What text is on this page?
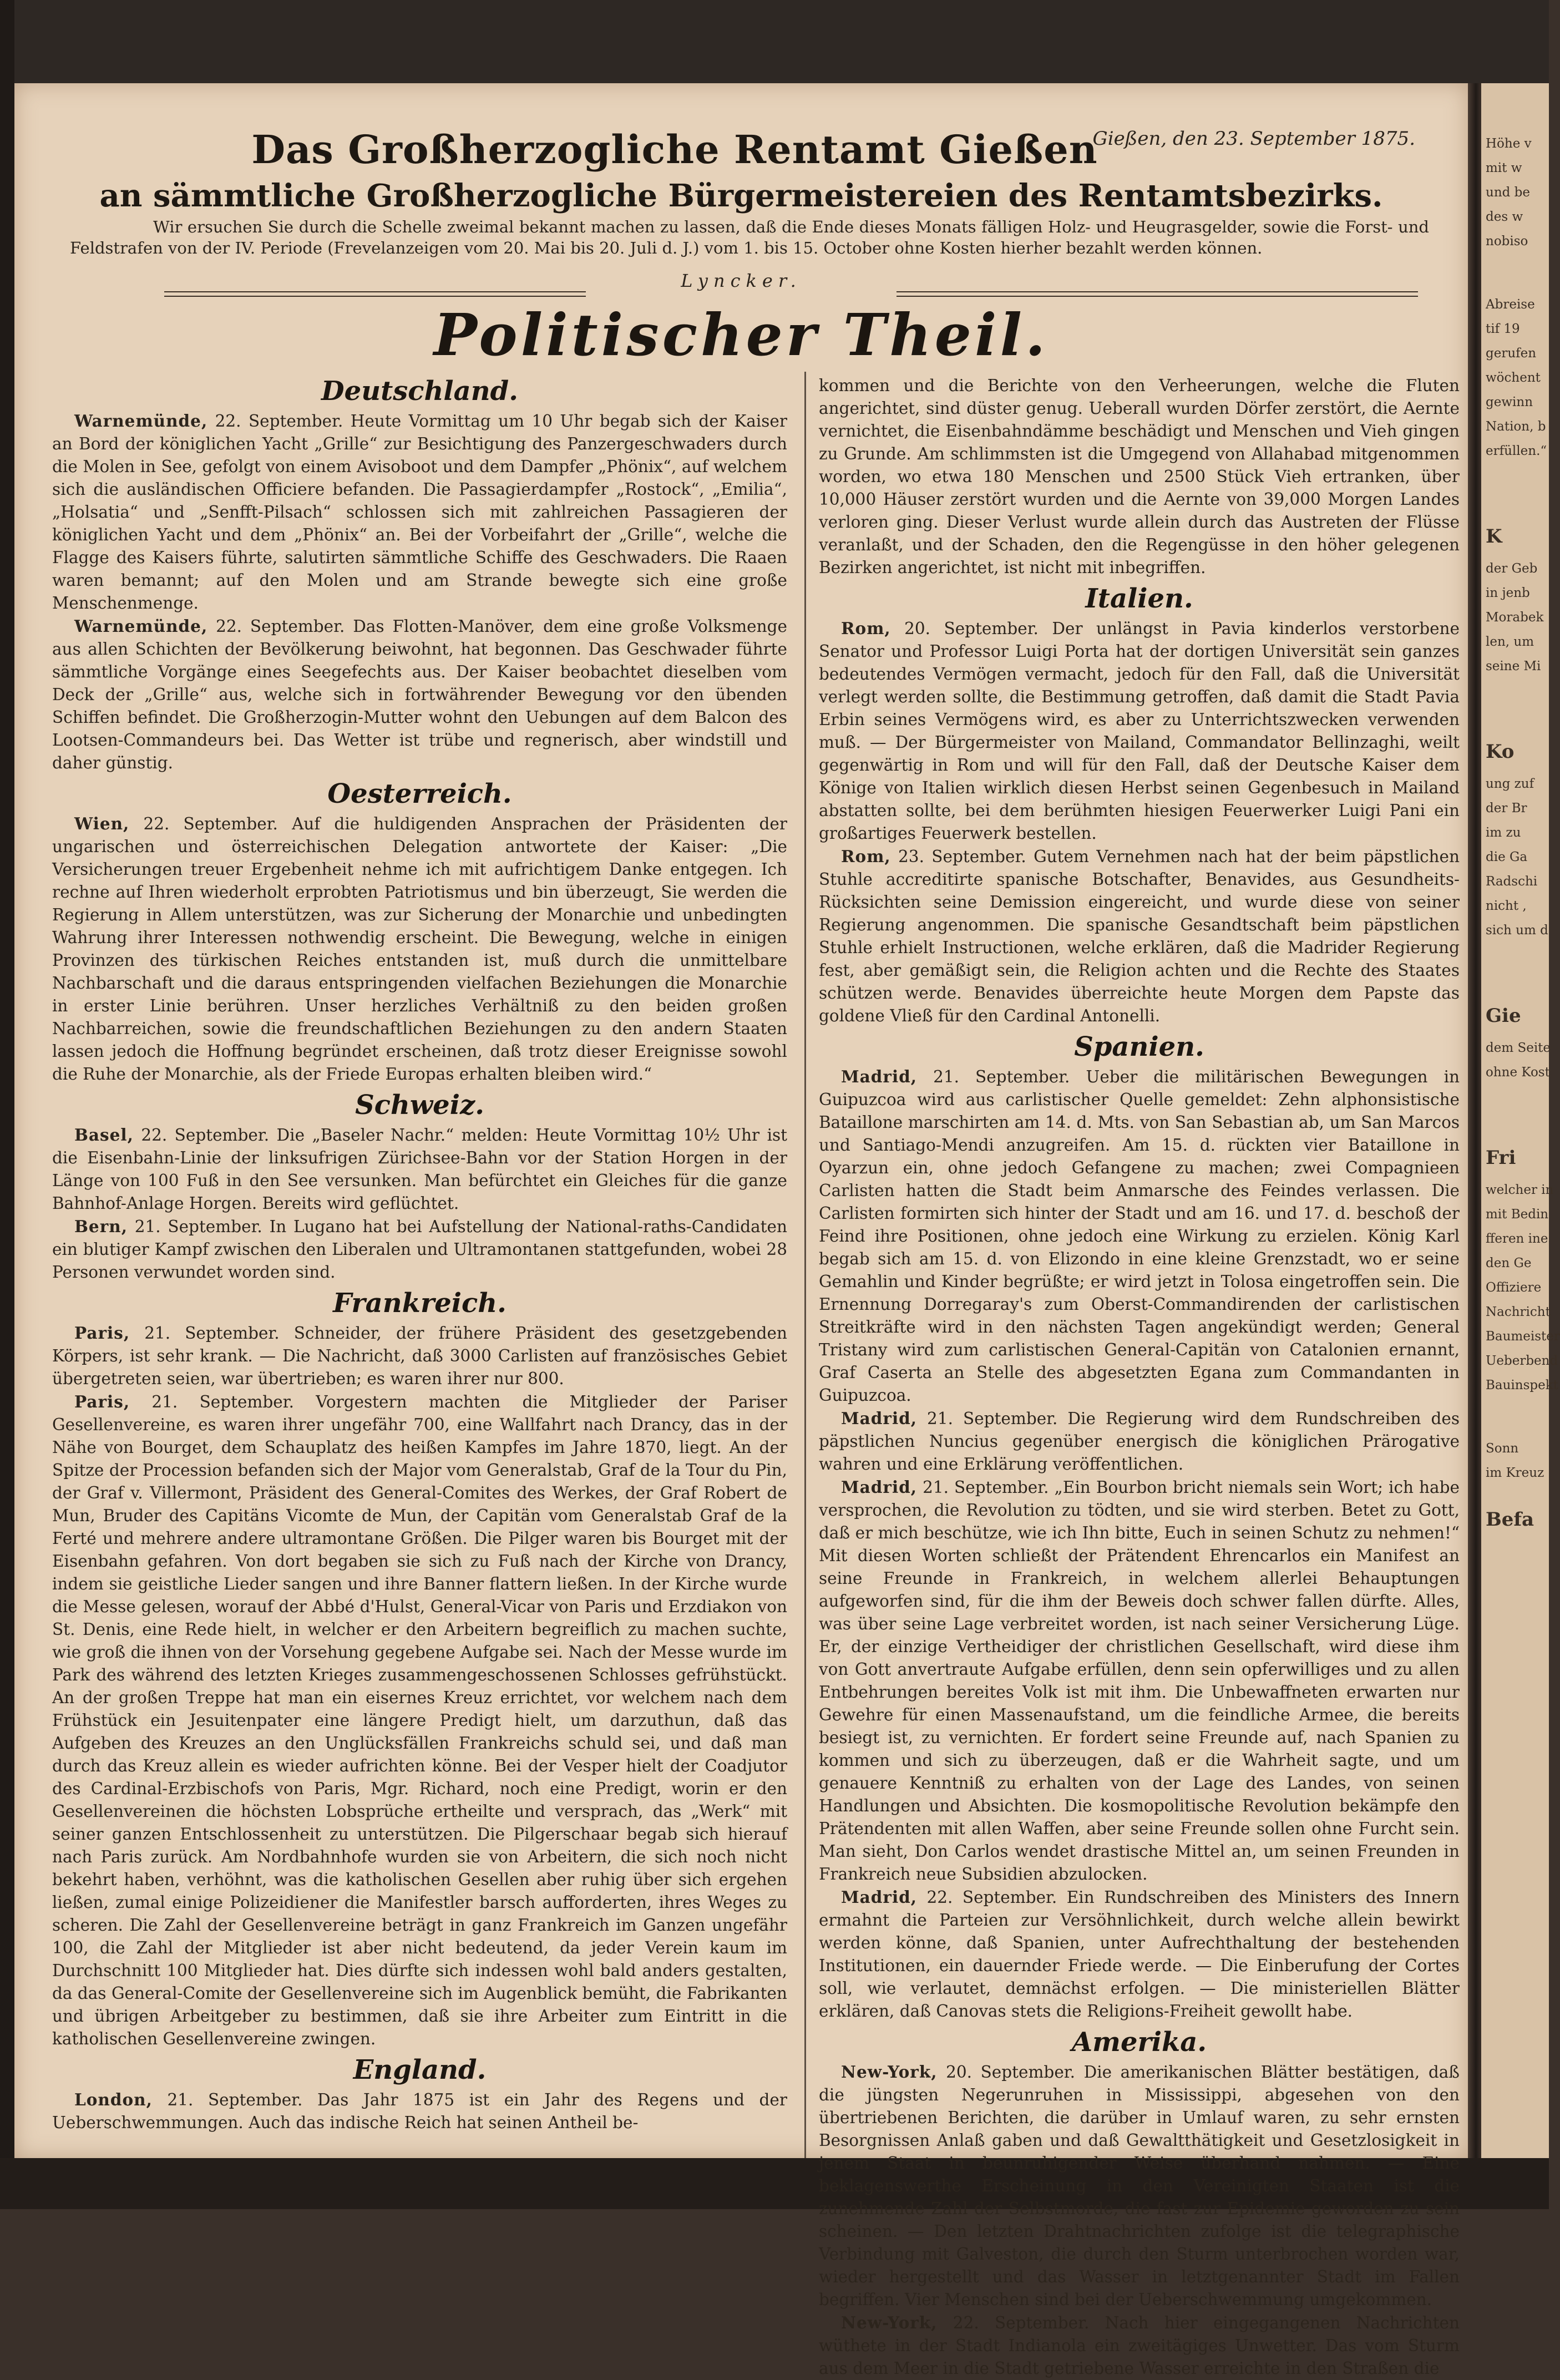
Gießen, den 23. September 1875.
Das Großherzogliche Rentamt Gießen
an sämmtliche Großherzogliche Bürgermeistereien des Rentamtsbezirks.
Wir ersuchen Sie durch die Schelle zweimal bekannt machen zu lassen, daß die Ende dieses Monats fälligen Holz- und Heugrasgelder, sowie die Forst- und Feldstrafen von der IV. Periode (Frevelanzeigen vom 20. Mai bis 20. Juli d. J.) vom 1. bis 15. October ohne Kosten hierher bezahlt werden können.
Lyncker.
Politischer Theil.
Deutschland.

Warnemünde, 22. September. Heute Vormittag um 10 Uhr begab sich der Kaiser an Bord der königlichen Yacht „Grille“ zur Besichtigung des Panzergeschwaders durch die Molen in See, gefolgt von einem Avisoboot und dem Dampfer „Phönix“, auf welchem sich die ausländischen Officiere befanden. Die Passagierdampfer „Rostock“, „Emilia“, „Holsatia“ und „Senfft-Pilsach“ schlossen sich mit zahlreichen Passagieren der königlichen Yacht und dem „Phönix“ an. Bei der Vorbeifahrt der „Grille“, welche die Flagge des Kaisers führte, salutirten sämmtliche Schiffe des Geschwaders. Die Raaen waren bemannt; auf den Molen und am Strande bewegte sich eine große Menschenmenge.

Warnemünde, 22. September. Das Flotten-Manöver, dem eine große Volksmenge aus allen Schichten der Bevölkerung beiwohnt, hat begonnen. Das Geschwader führte sämmtliche Vorgänge eines Seegefechts aus. Der Kaiser beobachtet dieselben vom Deck der „Grille“ aus, welche sich in fortwährender Bewegung vor den übenden Schiffen befindet. Die Großherzogin-Mutter wohnt den Uebungen auf dem Balcon des Lootsen-Commandeurs bei. Das Wetter ist trübe und regnerisch, aber windstill und daher günstig.

Oesterreich.

Wien, 22. September. Auf die huldigenden Ansprachen der Präsidenten der ungarischen und österreichischen Delegation antwortete der Kaiser: „Die Versicherungen treuer Ergebenheit nehme ich mit aufrichtigem Danke entgegen. Ich rechne auf Ihren wiederholt erprobten Patriotismus und bin überzeugt, Sie werden die Regierung in Allem unterstützen, was zur Sicherung der Monarchie und unbedingten Wahrung ihrer Interessen nothwendig erscheint. Die Bewegung, welche in einigen Provinzen des türkischen Reiches entstanden ist, muß durch die unmittelbare Nachbarschaft und die daraus entspringenden vielfachen Beziehungen die Monarchie in erster Linie berühren. Unser herzliches Verhältniß zu den beiden großen Nachbarreichen, sowie die freundschaftlichen Beziehungen zu den andern Staaten lassen jedoch die Hoffnung begründet erscheinen, daß trotz dieser Ereignisse sowohl die Ruhe der Monarchie, als der Friede Europas erhalten bleiben wird.“

Schweiz.

Basel, 22. September. Die „Baseler Nachr.“ melden: Heute Vormittag 10½ Uhr ist die Eisenbahn-Linie der linksufrigen Zürichsee-Bahn vor der Station Horgen in der Länge von 100 Fuß in den See versunken. Man befürchtet ein Gleiches für die ganze Bahnhof-Anlage Horgen. Bereits wird geflüchtet.

Bern, 21. September. In Lugano hat bei Aufstellung der National-raths-Candidaten ein blutiger Kampf zwischen den Liberalen und Ultramontanen stattgefunden, wobei 28 Personen verwundet worden sind.

Frankreich.

Paris, 21. September. Schneider, der frühere Präsident des gesetzgebenden Körpers, ist sehr krank. — Die Nachricht, daß 3000 Carlisten auf französisches Gebiet übergetreten seien, war übertrieben; es waren ihrer nur 800.

Paris, 21. September. Vorgestern machten die Mitglieder der Pariser Gesellenvereine, es waren ihrer ungefähr 700, eine Wallfahrt nach Drancy, das in der Nähe von Bourget, dem Schauplatz des heißen Kampfes im Jahre 1870, liegt. An der Spitze der Procession befanden sich der Major vom Generalstab, Graf de la Tour du Pin, der Graf v. Villermont, Präsident des General-Comites des Werkes, der Graf Robert de Mun, Bruder des Capitäns Vicomte de Mun, der Capitän vom Generalstab Graf de la Ferté und mehrere andere ultramontane Größen. Die Pilger waren bis Bourget mit der Eisenbahn gefahren. Von dort begaben sie sich zu Fuß nach der Kirche von Drancy, indem sie geistliche Lieder sangen und ihre Banner flattern ließen. In der Kirche wurde die Messe gelesen, worauf der Abbé d'Hulst, General-Vicar von Paris und Erzdiakon von St. Denis, eine Rede hielt, in welcher er den Arbeitern begreiflich zu machen suchte, wie groß die ihnen von der Vorsehung gegebene Aufgabe sei. Nach der Messe wurde im Park des während des letzten Krieges zusammengeschossenen Schlosses gefrühstückt. An der großen Treppe hat man ein eisernes Kreuz errichtet, vor welchem nach dem Frühstück ein Jesuitenpater eine längere Predigt hielt, um darzuthun, daß das Aufgeben des Kreuzes an den Unglücksfällen Frankreichs schuld sei, und daß man durch das Kreuz allein es wieder aufrichten könne. Bei der Vesper hielt der Coadjutor des Cardinal-Erzbischofs von Paris, Mgr. Richard, noch eine Predigt, worin er den Gesellenvereinen die höchsten Lobsprüche ertheilte und versprach, das „Werk“ mit seiner ganzen Entschlossenheit zu unterstützen. Die Pilgerschaar begab sich hierauf nach Paris zurück. Am Nordbahnhofe wurden sie von Arbeitern, die sich noch nicht bekehrt haben, verhöhnt, was die katholischen Gesellen aber ruhig über sich ergehen ließen, zumal einige Polizeidiener die Manifestler barsch aufforderten, ihres Weges zu scheren. Die Zahl der Gesellenvereine beträgt in ganz Frankreich im Ganzen ungefähr 100, die Zahl der Mitglieder ist aber nicht bedeutend, da jeder Verein kaum im Durchschnitt 100 Mitglieder hat. Dies dürfte sich indessen wohl bald anders gestalten, da das General-Comite der Gesellenvereine sich im Augenblick bemüht, die Fabrikanten und übrigen Arbeitgeber zu bestimmen, daß sie ihre Arbeiter zum Eintritt in die katholischen Gesellenvereine zwingen.

England.

London, 21. September. Das Jahr 1875 ist ein Jahr des Regens und der Ueberschwemmungen. Auch das indische Reich hat seinen Antheil be-

kommen und die Berichte von den Verheerungen, welche die Fluten angerichtet, sind düster genug. Ueberall wurden Dörfer zerstört, die Aernte vernichtet, die Eisenbahndämme beschädigt und Menschen und Vieh gingen zu Grunde. Am schlimmsten ist die Umgegend von Allahabad mitgenommen worden, wo etwa 180 Menschen und 2500 Stück Vieh ertranken, über 10,000 Häuser zerstört wurden und die Aernte von 39,000 Morgen Landes verloren ging. Dieser Verlust wurde allein durch das Austreten der Flüsse veranlaßt, und der Schaden, den die Regengüsse in den höher gelegenen Bezirken angerichtet, ist nicht mit inbegriffen.

Italien.

Rom, 20. September. Der unlängst in Pavia kinderlos verstorbene Senator und Professor Luigi Porta hat der dortigen Universität sein ganzes bedeutendes Vermögen vermacht, jedoch für den Fall, daß die Universität verlegt werden sollte, die Bestimmung getroffen, daß damit die Stadt Pavia Erbin seines Vermögens wird, es aber zu Unterrichtszwecken verwenden muß. — Der Bürgermeister von Mailand, Commandator Bellinzaghi, weilt gegenwärtig in Rom und will für den Fall, daß der Deutsche Kaiser dem Könige von Italien wirklich diesen Herbst seinen Gegenbesuch in Mailand abstatten sollte, bei dem berühmten hiesigen Feuerwerker Luigi Pani ein großartiges Feuerwerk bestellen.

Rom, 23. September. Gutem Vernehmen nach hat der beim päpstlichen Stuhle accreditirte spanische Botschafter, Benavides, aus Gesundheits-Rücksichten seine Demission eingereicht, und wurde diese von seiner Regierung angenommen. Die spanische Gesandtschaft beim päpstlichen Stuhle erhielt Instructionen, welche erklären, daß die Madrider Regierung fest, aber gemäßigt sein, die Religion achten und die Rechte des Staates schützen werde. Benavides überreichte heute Morgen dem Papste das goldene Vließ für den Cardinal Antonelli.

Spanien.

Madrid, 21. September. Ueber die militärischen Bewegungen in Guipuzcoa wird aus carlistischer Quelle gemeldet: Zehn alphonsistische Bataillone marschirten am 14. d. Mts. von San Sebastian ab, um San Marcos und Santiago-Mendi anzugreifen. Am 15. d. rückten vier Bataillone in Oyarzun ein, ohne jedoch Gefangene zu machen; zwei Compagnieen Carlisten hatten die Stadt beim Anmarsche des Feindes verlassen. Die Carlisten formirten sich hinter der Stadt und am 16. und 17. d. beschoß der Feind ihre Positionen, ohne jedoch eine Wirkung zu erzielen. König Karl begab sich am 15. d. von Elizondo in eine kleine Grenzstadt, wo er seine Gemahlin und Kinder begrüßte; er wird jetzt in Tolosa eingetroffen sein. Die Ernennung Dorregaray's zum Oberst-Commandirenden der carlistischen Streitkräfte wird in den nächsten Tagen angekündigt werden; General Tristany wird zum carlistischen General-Capitän von Catalonien ernannt, Graf Caserta an Stelle des abgesetzten Egana zum Commandanten in Guipuzcoa.

Madrid, 21. September. Die Regierung wird dem Rundschreiben des päpstlichen Nuncius gegenüber energisch die königlichen Prärogative wahren und eine Erklärung veröffentlichen.

Madrid, 21. September. „Ein Bourbon bricht niemals sein Wort; ich habe versprochen, die Revolution zu tödten, und sie wird sterben. Betet zu Gott, daß er mich beschütze, wie ich Ihn bitte, Euch in seinen Schutz zu nehmen!“ Mit diesen Worten schließt der Prätendent Ehrencarlos ein Manifest an seine Freunde in Frankreich, in welchem allerlei Behauptungen aufgeworfen sind, für die ihm der Beweis doch schwer fallen dürfte. Alles, was über seine Lage verbreitet worden, ist nach seiner Versicherung Lüge. Er, der einzige Vertheidiger der christlichen Gesellschaft, wird diese ihm von Gott anvertraute Aufgabe erfüllen, denn sein opferwilliges und zu allen Entbehrungen bereites Volk ist mit ihm. Die Unbewaffneten erwarten nur Gewehre für einen Massenaufstand, um die feindliche Armee, die bereits besiegt ist, zu vernichten. Er fordert seine Freunde auf, nach Spanien zu kommen und sich zu überzeugen, daß er die Wahrheit sagte, und um genauere Kenntniß zu erhalten von der Lage des Landes, von seinen Handlungen und Absichten. Die kosmopolitische Revolution bekämpfe den Prätendenten mit allen Waffen, aber seine Freunde sollen ohne Furcht sein. Man sieht, Don Carlos wendet drastische Mittel an, um seinen Freunden in Frankreich neue Subsidien abzulocken.

Madrid, 22. September. Ein Rundschreiben des Ministers des Innern ermahnt die Parteien zur Versöhnlichkeit, durch welche allein bewirkt werden könne, daß Spanien, unter Aufrechthaltung der bestehenden Institutionen, ein dauernder Friede werde. — Die Einberufung der Cortes soll, wie verlautet, demnächst erfolgen. — Die ministeriellen Blätter erklären, daß Canovas stets die Religions-Freiheit gewollt habe.

Amerika.

New-York, 20. September. Die amerikanischen Blätter bestätigen, daß die jüngsten Negerunruhen in Mississippi, abgesehen von den übertriebenen Berichten, die darüber in Umlauf waren, zu sehr ernsten Besorgnissen Anlaß gaben und daß Gewaltthätigkeit und Gesetzlosigkeit in jenem Staat in beunruhigender Weise überhand nahmen. — Eine beklagenswerthe Erscheinung in den Vereinigten Staaten ist die zunehmende Zahl der Selbstmorde, die fast zur Epidemie geworden zu sein scheinen. — Den letzten Drahtnachrichten zufolge ist die telegraphische Verbindung mit Galveston, die durch den Sturm unterbrochen worden war, wieder hergestellt und das Wasser in letztgenannter Stadt im Fallen begriffen. Vier Menschen sind bei der Ueberschwemmung umgekommen.

New-York, 22. September. Nach hier eingegangenen Nachrichten wüthete in der Stadt Indianola ein zweitägiges Unwetter. Das vom Sturm aus dem Meer in die Stadt getriebene Wasser erreichte in den Straßen die

Höhe v
mit w
und be
des w
nobiso
Abreise
tif 19
gerufen
wöchent
gewinn
Nation, b
erfüllen.“
K
der Geb
in jenb
Morabek
len, um
seine Mi
Ko
ung zuf
der Br
im zu
die Ga
Radschi
nicht ,
sich um d
Gie
dem Seite
ohne Kost
Fri
welcher in
mit Bedin
fferen ine
den Ge
Offiziere
Nachricht
Baumeister
Ueberbend
Bauinspekt
Sonn
im Kreuz
Befa
